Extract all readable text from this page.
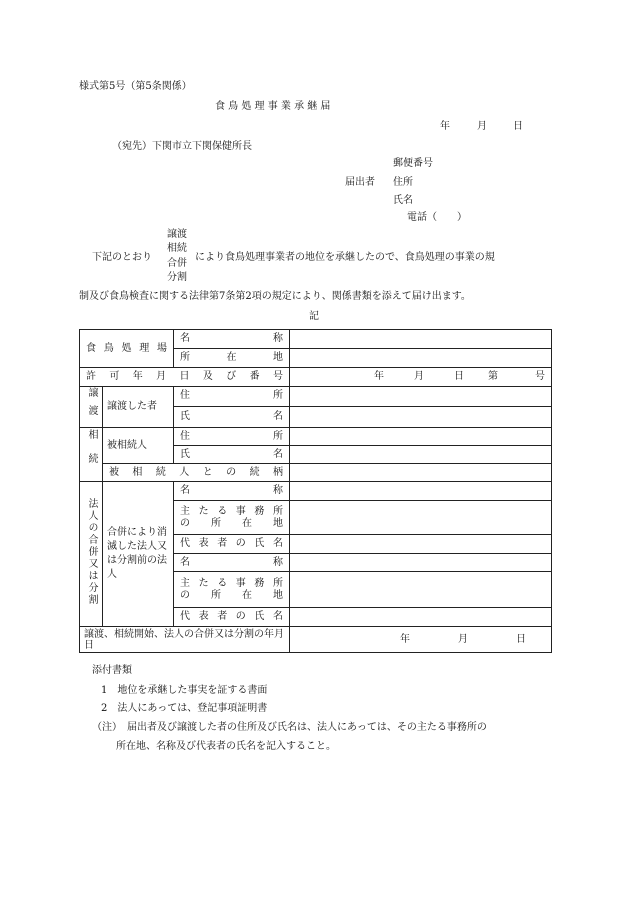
様式第5号（第5条関係）
食 鳥 処 理 事 業 承 継 届
年	月	日
（宛先）下関市立下関保健所長
郵便番号
届出者 住所
氏名
電話（　　）
下記のとおり
譲渡
相続
合併
分割
により食鳥処理事業者の地位を承継したので、食鳥処理の事業の規
制及び食鳥検査に関する法律第7条第2項の規定により、関係書類を添えて届け出ます。
記
食鳥処理場		名称	
		所在地	
許可年月日及び番号			年 月 日 第 号

譲渡	譲渡した者	住所	
		氏名	
相続	被相続人	住所	
		氏名	
	被相続人との続柄		
法人の合併又は分割	合併により消滅した法人又は分割前の法人	名称	

		主たる事務所
の所在地	

		代表者の氏名	
		名称	

		主たる事務所
の所在地	

		代表者の氏名	
譲渡、相続開始、法人の合併又は分割の年月日			年 月 日
添付書類
1　地位を承継した事実を証する書面
2　法人にあっては、登記事項証明書
（注）　届出者及び譲渡した者の住所及び氏名は、法人にあっては、その主たる事務所の
所在地、名称及び代表者の氏名を記入すること。
